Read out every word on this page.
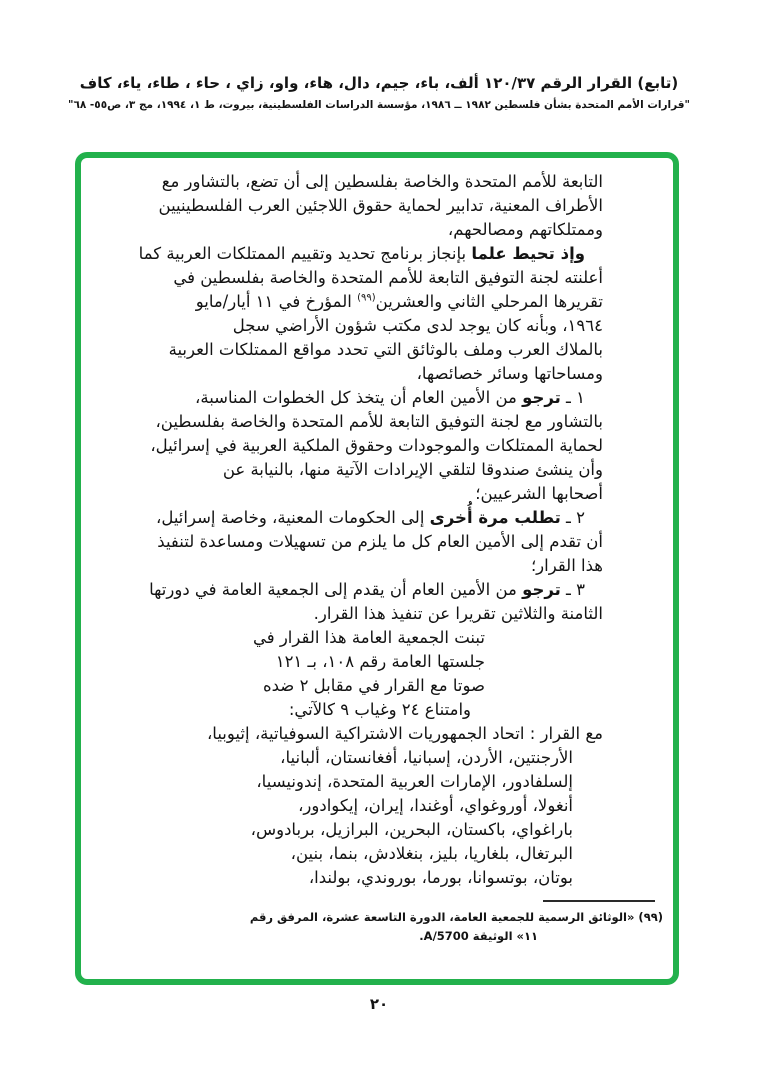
(تابع) القرار الرقم ١٢٠/٣٧ ألف، باء، جيم، دال، هاء، واو، زاي ، حاء ، طاء، ياء، كاف
"قرارات الأمم المتحدة بشأن فلسطين ١٩٨٢ ــ ١٩٨٦، مؤسسة الدراسات الفلسطينية، بيروت، ط ١، ١٩٩٤، مج ٣، ص٥٥- ٦٨"
التابعة للأمم المتحدة والخاصة بفلسطين إلى أن تضع، بالتشاور مع
الأطراف المعنية، تدابير لحماية حقوق اللاجئين العرب الفلسطينيين
وممتلكاتهم ومصالحهم،
وإذ تحيط علما بإنجاز برنامج تحديد وتقييم الممتلكات العربية كما
أعلنته لجنة التوفيق التابعة للأمم المتحدة والخاصة بفلسطين في
تقريرها المرحلي الثاني والعشرين$^{(٩٩)}$ المؤرخ في ١١ أيار/مايو
١٩٦٤، وبأنه كان يوجد لدى مكتب شؤون الأراضي سجل
بالملاك العرب وملف بالوثائق التي تحدد مواقع الممتلكات العربية
ومساحاتها وسائر خصائصها،
١ ـ ترجو من الأمين العام أن يتخذ كل الخطوات المناسبة،
بالتشاور مع لجنة التوفيق التابعة للأمم المتحدة والخاصة بفلسطين،
لحماية الممتلكات والموجودات وحقوق الملكية العربية في إسرائيل،
وأن ينشئ صندوقا لتلقي الإيرادات الآتية منها، بالنيابة عن
أصحابها الشرعيين؛
٢ ـ تطلب مرة أُخرى إلى الحكومات المعنية، وخاصة إسرائيل،
أن تقدم إلى الأمين العام كل ما يلزم من تسهيلات ومساعدة لتنفيذ
هذا القرار؛
٣ ـ ترجو من الأمين العام أن يقدم إلى الجمعية العامة في دورتها
الثامنة والثلاثين تقريرا عن تنفيذ هذا القرار.
تبنت الجمعية العامة هذا القرار في
جلستها العامة رقم ١٠٨، بـ ١٢١
صوتا مع القرار في مقابل ٢ ضده
وامتناع ٢٤ وغياب ٩ كالآتي:
مع القرار : اتحاد الجمهوريات الاشتراكية السوفياتية، إثيوبيا،
الأرجنتين، الأردن، إسبانيا، أفغانستان، ألبانيا،
إلسلفادور، الإمارات العربية المتحدة، إندونيسيا،
أنغولا، أوروغواي، أوغندا، إيران، إيكوادور،
باراغواي، باكستان، البحرين، البرازيل، بربادوس،
البرتغال، بلغاريا، بليز، بنغلادش، بنما، بنين،
بوتان، بوتسوانا، بورما، بوروندي، بولندا،
(٩٩) «الوثائق الرسمية للجمعية العامة، الدورة التاسعة عشرة، المرفق رقم
١١» الوثيقة A/5700.
٢٠
